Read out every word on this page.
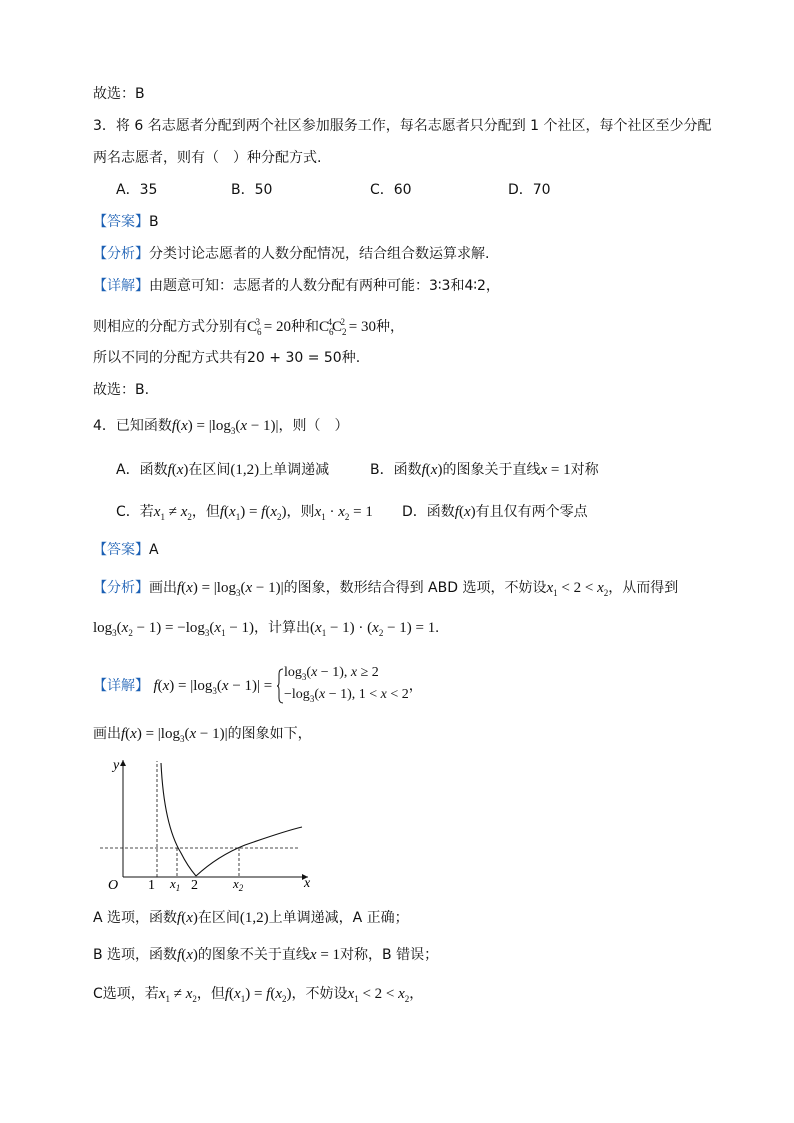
故选：B
3．将 6 名志愿者分配到两个社区参加服务工作，每名志愿者只分配到 1 个社区，每个社区至少分配
两名志愿者，则有（　）种分配方式.
A．35	B．50	C．60	D．70
【答案】B
【分析】分类讨论志愿者的人数分配情况，结合组合数运算求解.
【详解】由题意可知：志愿者的人数分配有两种可能：3∶3和4∶2，
则相应的分配方式分别有$C_6^3 = 20$种和$C_6^4C_2^2 = 30$种，
所以不同的分配方式共有20 + 30 = 50种.
故选：B.
4．已知函数$f(x) = |\log_3(x - 1)|$，则（　）
A．函数f(x)在区间(1,2)上单调递减	B．函数f(x)的图象关于直线x = 1对称
C．若$x_1 \ne x_2$，但$f(x_1) = f(x_2)$，则$x_1 \cdot x_2 = 1$ D．函数f(x)有且仅有两个零点
【答案】A
【分析】画出$f(x) = |\log_3(x - 1)|$的图象，数形结合得到 ABD 选项，不妨设$x_1 < 2 < x_2$，从而得到
$\log_3(x_2 - 1) = -\log_3(x_1 - 1)$，计算出$(x_1 - 1) \cdot (x_2 - 1) = 1$.
【详解】 $f(x) = |\log_3(x - 1)| = \log_3(x - 1)$, x ≥ 2
$-\log_3(x - 1)$, 1 < x < 2，
画出$f(x) = |\log_3(x - 1)|$的图象如下，
y
x
O 1 $x_1$ 2	$x_2$
A 选项，函数f(x)在区间(1,2)上单调递减，A 正确；
B 选项，函数f(x)的图象不关于直线x = 1对称，B 错误；
C选项，若$x_1 \ne x_2$，但$f(x_1) = f(x_2)$，不妨设$x_1 < 2 < x_2$，
